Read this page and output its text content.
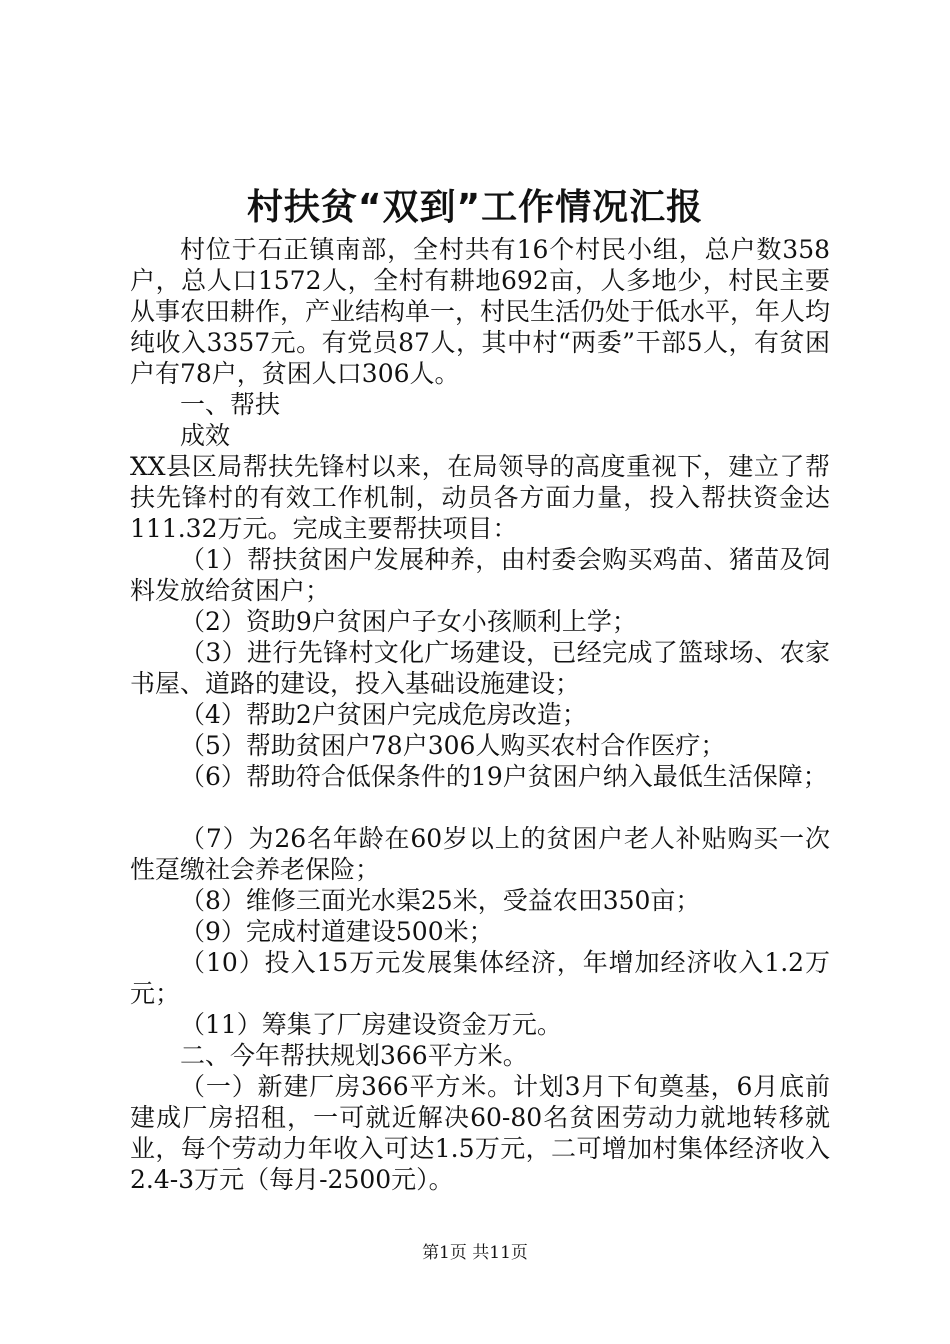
村扶贫“双到”工作情况汇报

村位于石正镇南部，全村共有16个村民小组，总户数358户，总人口1572人，全村有耕地692亩，人多地少，村民主要从事农田耕作，产业结构单一，村民生活仍处于低水平，年人均纯收入3357元。有党员87人，其中村“两委”干部5人，有贫困户有78户，贫困人口306人。

一、帮扶

成效

XX县区局帮扶先锋村以来，在局领导的高度重视下，建立了帮扶先锋村的有效工作机制，动员各方面力量，投入帮扶资金达111.32万元。完成主要帮扶项目：

（1）帮扶贫困户发展种养，由村委会购买鸡苗、猪苗及饲料发放给贫困户；

（2）资助9户贫困户子女小孩顺利上学；

（3）进行先锋村文化广场建设，已经完成了篮球场、农家书屋、道路的建设，投入基础设施建设；

（4）帮助2户贫困户完成危房改造；

（5）帮助贫困户78户306人购买农村合作医疗；

（6）帮助符合低保条件的19户贫困户纳入最低生活保障；

（7）为26名年龄在60岁以上的贫困户老人补贴购买一次性趸缴社会养老保险；

（8）维修三面光水渠25米，受益农田350亩；

（9）完成村道建设500米；

（10）投入15万元发展集体经济，年增加经济收入1.2万元；

（11）筹集了厂房建设资金万元。

二、今年帮扶规划366平方米。

（一）新建厂房366平方米。计划3月下旬奠基，6月底前建成厂房招租，一可就近解决60-80名贫困劳动力就地转移就业，每个劳动力年收入可达1.5万元，二可增加村集体经济收入2.4-3万元（每月-2500元）。

第1页 共11页
